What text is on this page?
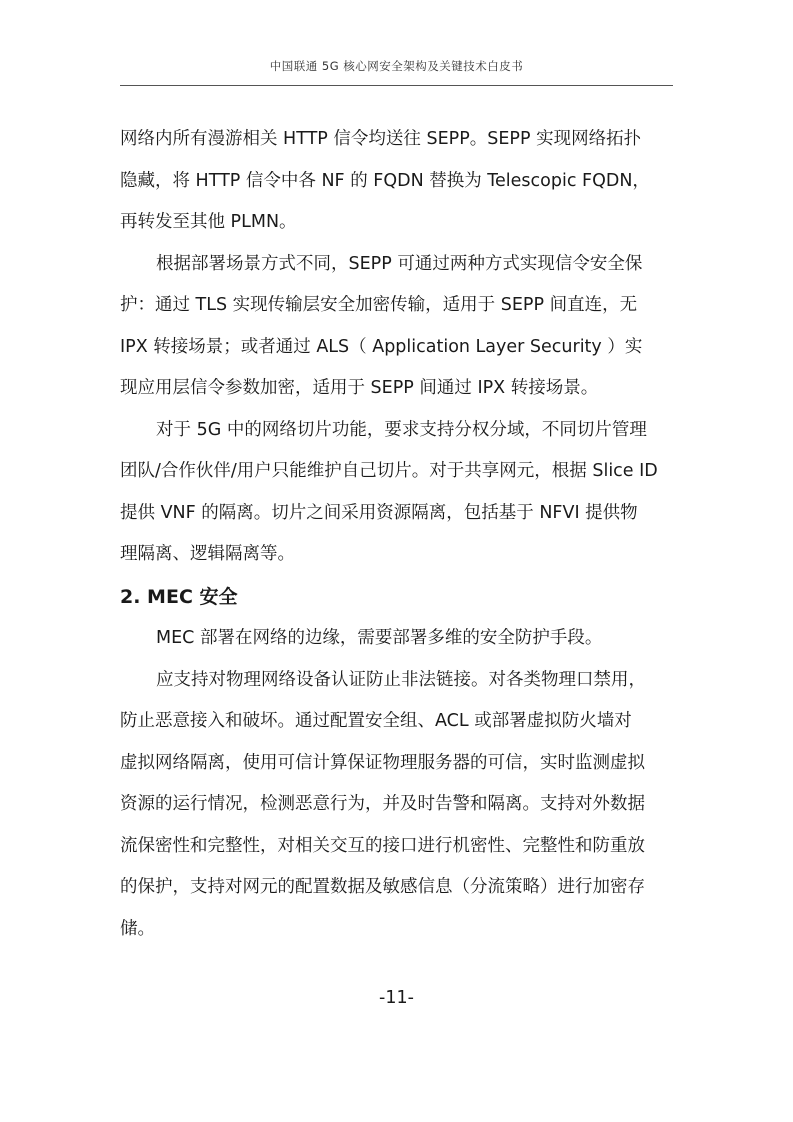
中国联通 5G 核心网安全架构及关键技术白皮书
网络内所有漫游相关 HTTP 信令均送往 SEPP。SEPP 实现网络拓扑
隐藏，将 HTTP 信令中各 NF 的 FQDN 替换为 Telescopic FQDN，
再转发至其他 PLMN。
根据部署场景方式不同，SEPP 可通过两种方式实现信令安全保
护：通过 TLS 实现传输层安全加密传输，适用于 SEPP 间直连，无
IPX 转接场景；或者通过 ALS（ Application Layer Security ）实
现应用层信令参数加密，适用于 SEPP 间通过 IPX 转接场景。
对于 5G 中的网络切片功能，要求支持分权分域，不同切片管理
团队/合作伙伴/用户只能维护自己切片。对于共享网元，根据 Slice ID
提供 VNF 的隔离。切片之间采用资源隔离，包括基于 NFVI 提供物
理隔离、逻辑隔离等。
2. MEC 安全
MEC 部署在网络的边缘，需要部署多维的安全防护手段。
应支持对物理网络设备认证防止非法链接。对各类物理口禁用，
防止恶意接入和破坏。通过配置安全组、ACL 或部署虚拟防火墙对
虚拟网络隔离，使用可信计算保证物理服务器的可信，实时监测虚拟
资源的运行情况，检测恶意行为，并及时告警和隔离。支持对外数据
流保密性和完整性，对相关交互的接口进行机密性、完整性和防重放
的保护，支持对网元的配置数据及敏感信息（分流策略）进行加密存
储。
-11-
